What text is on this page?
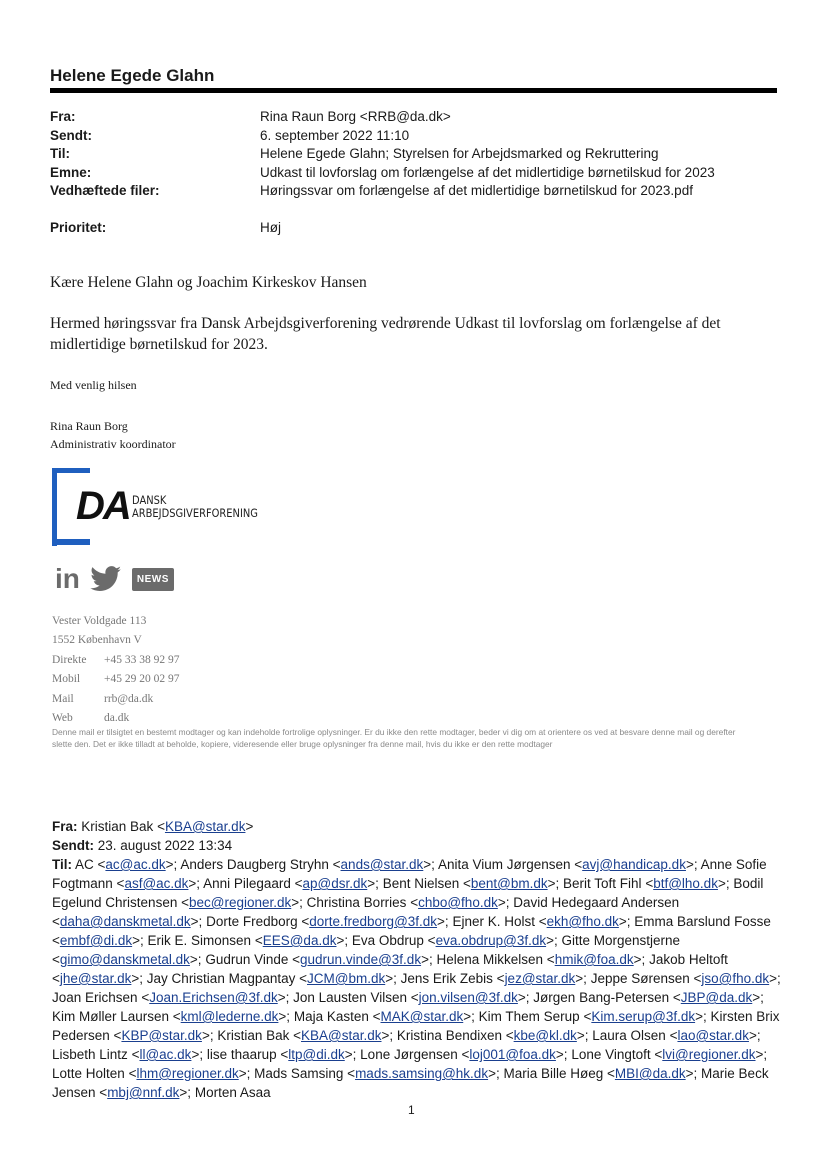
Helene Egede Glahn
Fra:	Rina Raun Borg <RRB@da.dk>
Sendt:	6. september 2022 11:10
Til:	Helene Egede Glahn; Styrelsen for Arbejdsmarked og Rekruttering
Emne:	Udkast til lovforslag om forlængelse af det midlertidige børnetilskud for 2023
Vedhæftede filer:	Høringssvar om forlængelse af det midlertidige børnetilskud for 2023.pdf
Prioritet:	Høj
Kære Helene Glahn og Joachim Kirkeskov Hansen
Hermed høringssvar fra Dansk Arbejdsgiverforening vedrørende Udkast til lovforslag om forlængelse af det midlertidige børnetilskud for 2023.
Med venlig hilsen
Rina Raun Borg
Administrativ koordinator
DA DANSK
ARBEJDSGIVERFORENING
in	NEWS
Vester Voldgade 113
1552 København V
Direkte	+45 33 38 92 97
Mobil	+45 29 20 02 97
Mail	rrb@da.dk
Web	da.dk
Denne mail er tilsigtet en bestemt modtager og kan indeholde fortrolige oplysninger. Er du ikke den rette modtager, beder vi dig om at orientere os ved at besvare denne mail og derefter slette den. Det er ikke tilladt at beholde, kopiere, videresende eller bruge oplysninger fra denne mail, hvis du ikke er den rette modtager
Fra: Kristian Bak <KBA@star.dk>
Sendt: 23. august 2022 13:34
Til: AC <ac@ac.dk>; Anders Daugberg Stryhn <ands@star.dk>; Anita Vium Jørgensen <avj@handicap.dk>; Anne Sofie Fogtmann <asf@ac.dk>; Anni Pilegaard <ap@dsr.dk>; Bent Nielsen <bent@bm.dk>; Berit Toft Fihl <btf@lho.dk>; Bodil Egelund Christensen <bec@regioner.dk>; Christina Borries <chbo@fho.dk>; David Hedegaard Andersen <daha@danskmetal.dk>; Dorte Fredborg <dorte.fredborg@3f.dk>; Ejner K. Holst <ekh@fho.dk>; Emma Barslund Fosse <embf@di.dk>; Erik E. Simonsen <EES@da.dk>; Eva Obdrup <eva.obdrup@3f.dk>; Gitte Morgenstjerne <gimo@danskmetal.dk>; Gudrun Vinde <gudrun.vinde@3f.dk>; Helena Mikkelsen <hmik@foa.dk>; Jakob Heltoft <jhe@star.dk>; Jay Christian Magpantay <JCM@bm.dk>; Jens Erik Zebis <jez@star.dk>; Jeppe Sørensen <jso@fho.dk>; Joan Erichsen <Joan.Erichsen@3f.dk>; Jon Lausten Vilsen <jon.vilsen@3f.dk>; Jørgen Bang-Petersen <JBP@da.dk>; Kim Møller Laursen <kml@lederne.dk>; Maja Kasten <MAK@star.dk>; Kim Them Serup <Kim.serup@3f.dk>; Kirsten Brix Pedersen <KBP@star.dk>; Kristian Bak <KBA@star.dk>; Kristina Bendixen <kbe@kl.dk>; Laura Olsen <lao@star.dk>; Lisbeth Lintz <ll@ac.dk>; lise thaarup <ltp@di.dk>; Lone Jørgensen <loj001@foa.dk>; Lone Vingtoft <lvi@regioner.dk>; Lotte Holten <lhm@regioner.dk>; Mads Samsing <mads.samsing@hk.dk>; Maria Bille Høeg <MBI@da.dk>; Marie Beck Jensen <mbj@nnf.dk>; Morten Asaa
1
